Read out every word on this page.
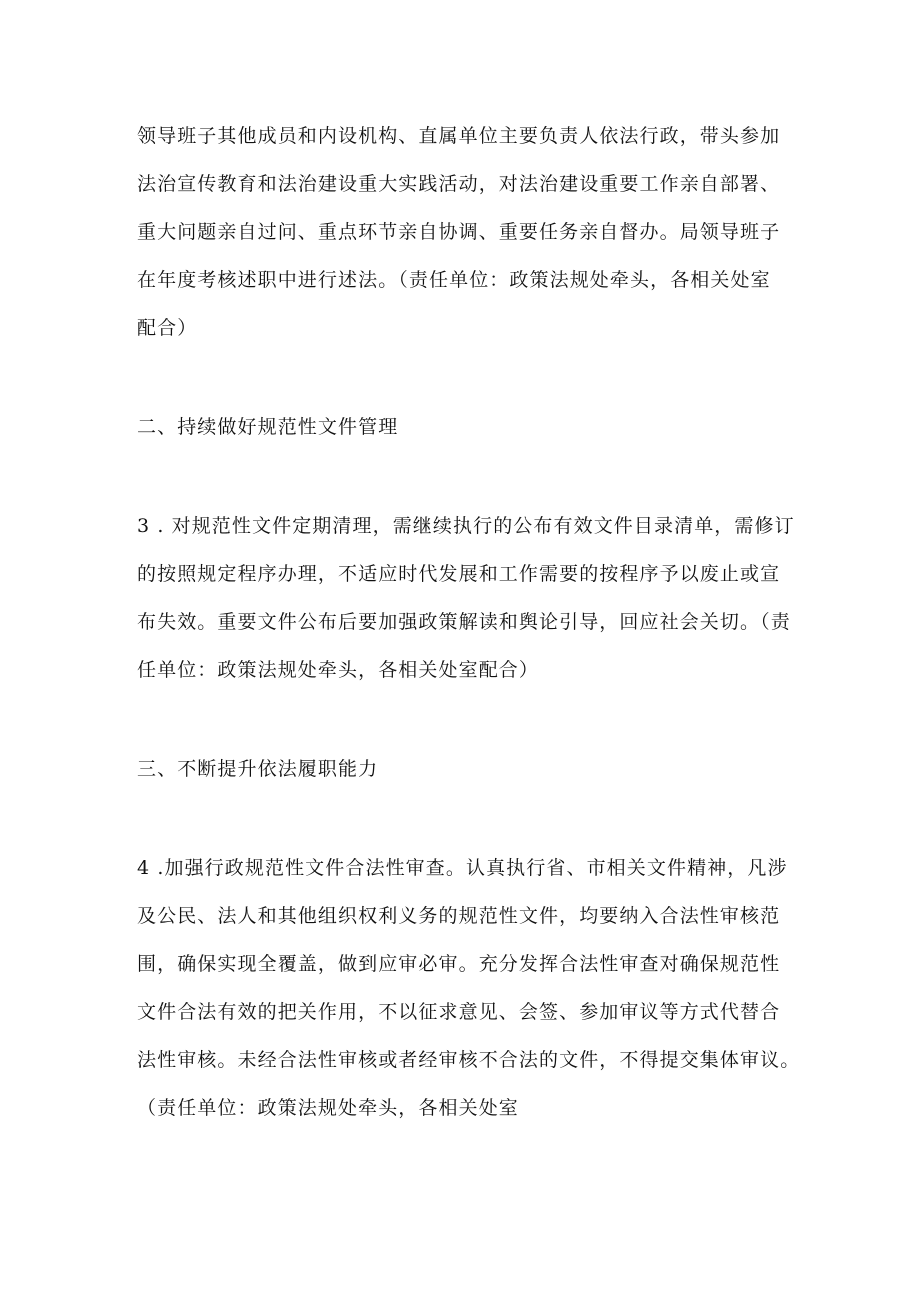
领导班子其他成员和内设机构、直属单位主要负责人依法行政，带头参加
法治宣传教育和法治建设重大实践活动，对法治建设重要工作亲自部署、
重大问题亲自过问、重点环节亲自协调、重要任务亲自督办。局领导班子
在年度考核述职中进行述法。（责任单位：政策法规处牵头，各相关处室
配合）
二、持续做好规范性文件管理
3 . 对规范性文件定期清理，需继续执行的公布有效文件目录清单，需修订
的按照规定程序办理，不适应时代发展和工作需要的按程序予以废止或宣
布失效。重要文件公布后要加强政策解读和舆论引导，回应社会关切。（责
任单位：政策法规处牵头，各相关处室配合）
三、不断提升依法履职能力
4 .加强行政规范性文件合法性审查。认真执行省、市相关文件精神，凡涉
及公民、法人和其他组织权利义务的规范性文件，均要纳入合法性审核范
围，确保实现全覆盖，做到应审必审。充分发挥合法性审查对确保规范性
文件合法有效的把关作用，不以征求意见、会签、参加审议等方式代替合
法性审核。未经合法性审核或者经审核不合法的文件，不得提交集体审议。
（责任单位：政策法规处牵头，各相关处室
